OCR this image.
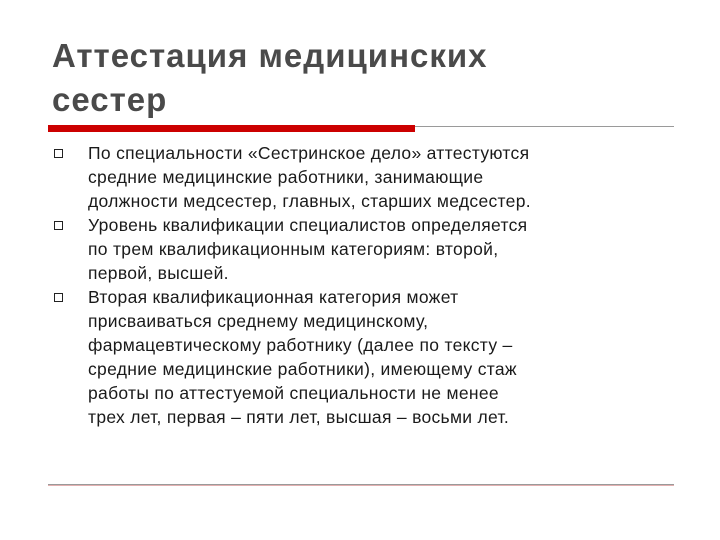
Аттестация медицинских
сестер
По специальности «Сестринское дело» аттестуются
средние медицинские работники, занимающие
должности медсестер, главных, старших медсестер.
Уровень квалификации специалистов определяется
по трем квалификационным категориям: второй,
первой, высшей.
Вторая квалификационная категория может
присваиваться среднему медицинскому,
фармацевтическому работнику (далее по тексту –
средние медицинские работники), имеющему стаж
работы по аттестуемой специальности не менее
трех лет, первая – пяти лет, высшая – восьми лет.
